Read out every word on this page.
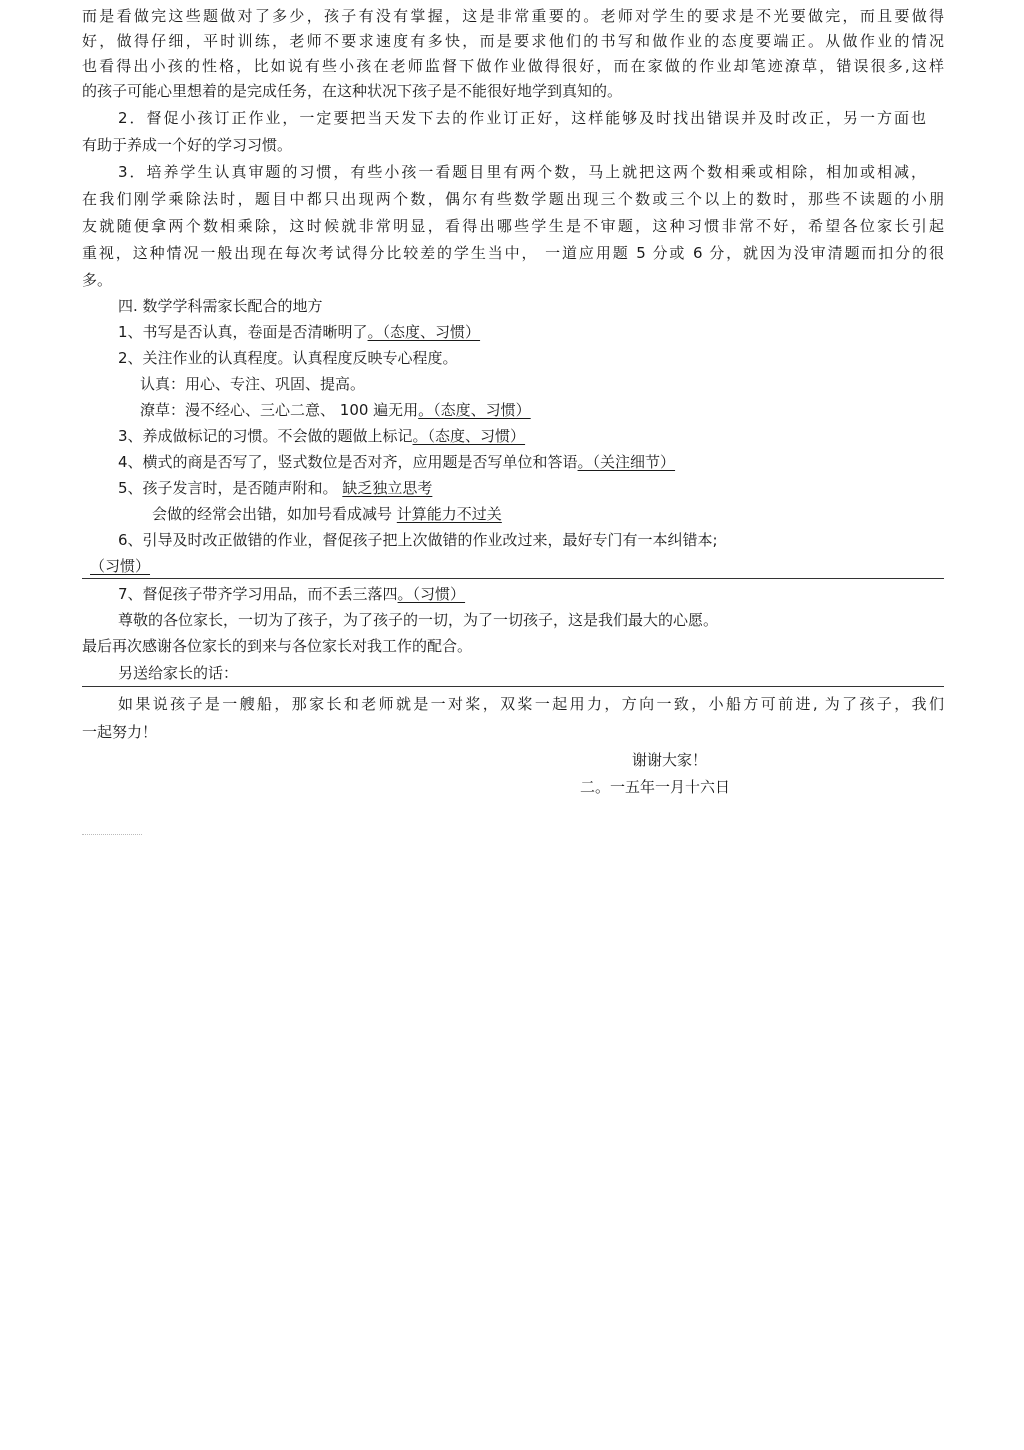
而是看做完这些题做对了多少，孩子有没有掌握，这是非常重要的。老师对学生的要求是不光要做完，而且要做得
好，做得仔细，平时训练，老师不要求速度有多快，而是要求他们的书写和做作业的态度要端正。从做作业的情况
也看得出小孩的性格，比如说有些小孩在老师监督下做作业做得很好，而在家做的作业却笔迹潦草，错误很多,这样
的孩子可能心里想着的是完成任务，在这种状况下孩子是不能很好地学到真知的。
2．督促小孩订正作业，一定要把当天发下去的作业订正好，这样能够及时找出错误并及时改正，另一方面也
有助于养成一个好的学习习惯。
3．培养学生认真审题的习惯，有些小孩一看题目里有两个数，马上就把这两个数相乘或相除，相加或相减，
在我们刚学乘除法时，题目中都只出现两个数，偶尔有些数学题出现三个数或三个以上的数时，那些不读题的小朋
友就随便拿两个数相乘除，这时候就非常明显，看得出哪些学生是不审题，这种习惯非常不好，希望各位家长引起
重视，这种情况一般出现在每次考试得分比较差的学生当中， 一道应用题 5 分或 6 分，就因为没审清题而扣分的很
多。
四. 数学学科需家长配合的地方
1、书写是否认真，卷面是否清晰明了。（态度、习惯）
2、关注作业的认真程度。认真程度反映专心程度。
认真：用心、专注、巩固、提高。
潦草：漫不经心、三心二意、 100 遍无用。（态度、习惯）
3、养成做标记的习惯。不会做的题做上标记。（态度、习惯）
4、横式的商是否写了，竖式数位是否对齐，应用题是否写单位和答语。（关注细节）
5、孩子发言时，是否随声附和。 缺乏独立思考
会做的经常会出错，如加号看成减号 计算能力不过关
6、引导及时改正做错的作业，督促孩子把上次做错的作业改过来，最好专门有一本纠错本;
（习惯）
7、督促孩子带齐学习用品，而不丢三落四。（习惯）
尊敬的各位家长，一切为了孩子，为了孩子的一切，为了一切孩子，这是我们最大的心愿。
最后再次感谢各位家长的到来与各位家长对我工作的配合。
另送给家长的话：
如果说孩子是一艘船，那家长和老师就是一对桨，双桨一起用力，方向一致，小船方可前进, 为了孩子，我们
一起努力！
谢谢大家！
二。一五年一月十六日
